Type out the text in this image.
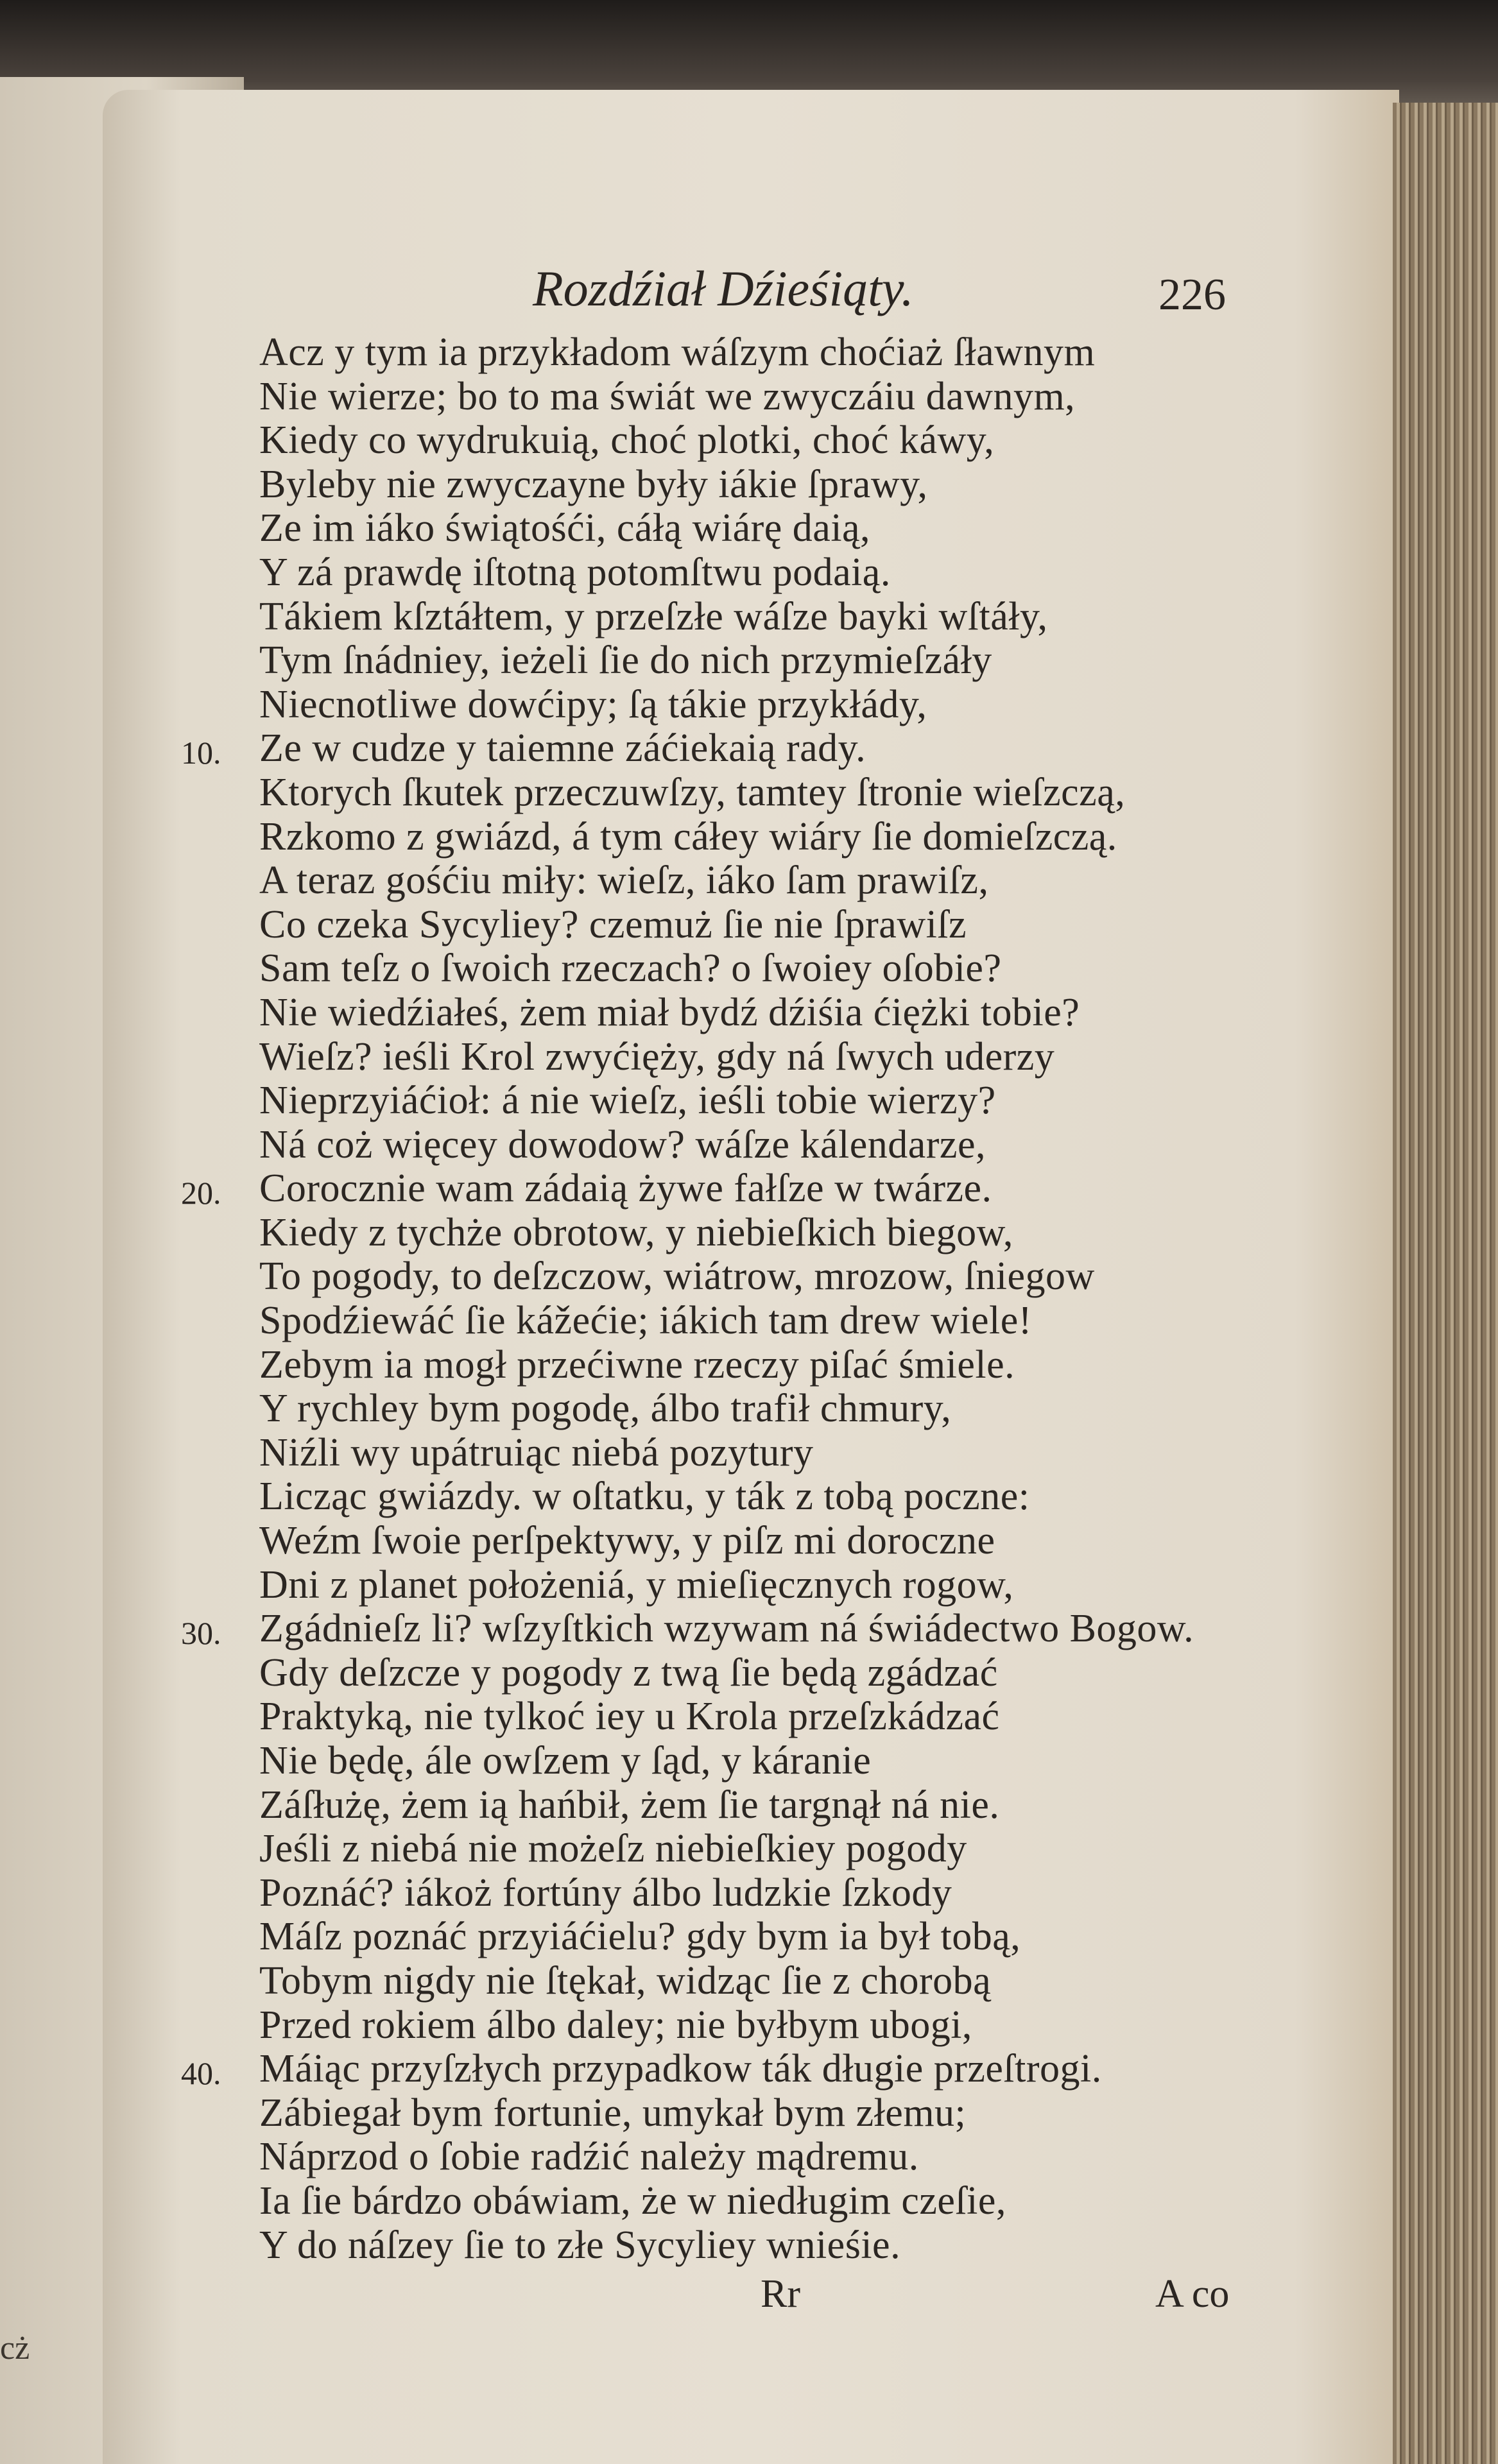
cż
Rozdźiał Dźieśiąty.	226
Acz y tym ia przykładom wáſzym choćiaż ſławnym
Nie wierze; bo to ma świát we zwyczáiu dawnym,
Kiedy co wydrukuią, choć plotki, choć káwy,
Byleby nie zwyczayne były iákie ſprawy,
Ze im iáko świątośći, cáłą wiárę daią,
Y zá prawdę iſtotną potomſtwu podaią.
Tákiem kſztáłtem, y przeſzłe wáſze bayki wſtáły,
Tym ſnádniey, ieżeli ſie do nich przymieſzáły
Niecnotliwe dowćipy; ſą tákie przykłády,
Ze w cudze y taiemne záćiekaią rady.
Ktorych ſkutek przeczuwſzy, tamtey ſtronie wieſzczą,
Rzkomo z gwiázd, á tym cáłey wiáry ſie domieſzczą.
A teraz gośćiu miły: wieſz, iáko ſam prawiſz,
Co czeka Sycyliey? czemuż ſie nie ſprawiſz
Sam teſz o ſwoich rzeczach? o ſwoiey oſobie?
Nie wiedźiałeś, żem miał bydź dźiśia ćiężki tobie?
Wieſz? ieśli Krol zwyćięży, gdy ná ſwych uderzy
Nieprzyiáćioł: á nie wieſz, ieśli tobie wierzy?
Ná coż więcey dowodow? wáſze kálendarze,
Corocznie wam zádaią żywe fałſze w twárze.
Kiedy z tychże obrotow, y niebieſkich biegow,
To pogody, to deſzczow, wiátrow, mrozow, ſniegow
Spodźiewáć ſie kážećie; iákich tam drew wiele!
Zebym ia mogł przećiwne rzeczy piſać śmiele.
Y rychley bym pogodę, álbo trafił chmury,
Niźli wy upátruiąc niebá pozytury
Licząc gwiázdy. w oſtatku, y ták z tobą poczne:
Weźm ſwoie perſpektywy, y piſz mi doroczne
Dni z planet położeniá, y mieſięcznych rogow,
Zgádnieſz li? wſzyſtkich wzywam ná świádectwo Bogow.
Gdy deſzcze y pogody z twą ſie będą zgádzać
Praktyką, nie tylkoć iey u Krola przeſzkádzać
Nie będę, ále owſzem y ſąd, y káranie
Záſłużę, żem ią hańbił, żem ſie targnął ná nie.
Jeśli z niebá nie możeſz niebieſkiey pogody
Poznáć? iákoż fortúny álbo ludzkie ſzkody
Máſz poznáć przyiáćielu? gdy bym ia był tobą,
Tobym nigdy nie ſtękał, widząc ſie z chorobą
Przed rokiem álbo daley; nie byłbym ubogi,
Máiąc przyſzłych przypadkow ták długie przeſtrogi.
Zábiegał bym fortunie, umykał bym złemu;
Náprzod o ſobie radźić należy mądremu.
Ia ſie bárdzo obáwiam, że w niedługim czeſie,
Y do náſzey ſie to złe Sycyliey wnieśie.
10.
20.
30.
40.
Rr	A co
